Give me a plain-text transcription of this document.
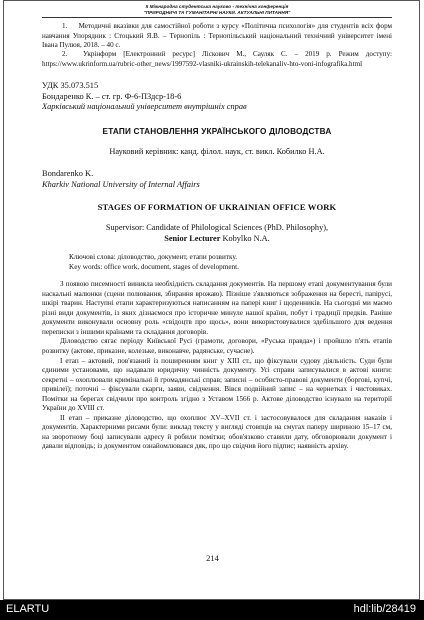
II Міжнародна студентська науково - технічна конференція
"ПРИРОДНИЧІ ТА ГУМАНІТАРНІ НАУКИ. АКТУАЛЬНІ ПИТАННЯ"
1. Методичні вказівки для самостійної роботи з курсу «Політична психологія» для студентів всіх форм навчання Упорядник : Стоцький Я.В. – Тернопіль : Тернопільський національний технічний університет імені Івана Пулюя, 2018. – 40 с.
2. Укрінформ [Електронний ресурс] Ліскович М., Сауляк С. – 2019 р. Режим доступу: https://www.ukrinform.ua/rubric-other_news/1997592-vlasniki-ukrainskih-telekanaliv-hto-voni-infografika.html
УДК 35.073.515
Бондаренко К. – ст. гр. Ф-6-ПЗдср-18-6
Харківський національний університет внутрішніх справ
ЕТАПИ СТАНОВЛЕННЯ УКРАЇНСЬКОГО ДІЛОВОДСТВА
Науковий керівник: канд. філол. наук, ст. викл. Кобилко Н.А.
Bondarenko K.
Kharkiv National University of Internal Affairs
STAGES OF FORMATION OF UKRAINIAN OFFICE WORK
Supervisor: Candidate of Philological Sciences (PhD. Philosophy),
Senior Lecturer Kobylko N.A.
Ключові слова: діловодство, документ, етапи розвитку.
Key words: office work, document, stages of development.

З появою писемності виникла необхідність складання документів. На першому етапі документування були наскальні малюнки (сцени полювання, збирання врожаю). Пізніше з'являються зображення на бересті, папірусі, шкірі тварин. Наступні етапи характеризуються написанням на папері книг і щоденників. На сьогодні ми маємо різні види документів, із яких дізнаємося про історичне минуле нашої країни, побут і традиції предків. Раніше документи виконували основну роль «свідоцтв про щось», вони використовувалися здебільшого для ведення переписки з іншими країнами та складання договорів.

Діловодство сягає періоду Київської Русі (грамоти, договори, «Руська правда») і пройшло п'ять етапів розвитку (актове, приказне, колезьке, виконавче, радянське, сучасне).

I етап – актовий, пов'язаний із поширенням книг у XIII ст., що фіксували судову діяльність. Суди були єдиними установами, що надавали юридичну чинність документу. Усі справи записувалися в актові книги: секретні – охоплювали кримінальні й громадянські справ; записні – особисто-правові документи (боргові, купчі, привілеї); поточні – фіксували скарги, заяви, свідчення. Вівся подвійний запис – на чернетках і чистовиках. Помітки на берегах свідчили про контроль згідно з Уставом 1566 р. Актове діловодство існувало на території України до XVIII ст.

II етап – приказне діловодство, що охоплює XV–XVII ст. і застосовувалося для складання наказів і документів. Характерними рисами були: виклад тексту у вигляді стовпців на смугах паперу шириною 15–17 см, на зворотному боці записували адресу й робили помітки; обов'язково ставили дату, обговорювали документ і давали відповідь; із документом ознайомлювався дяк, про що свідчив його підпис; наявність архіву.

214
ELARTU	hdl:lib/28419
